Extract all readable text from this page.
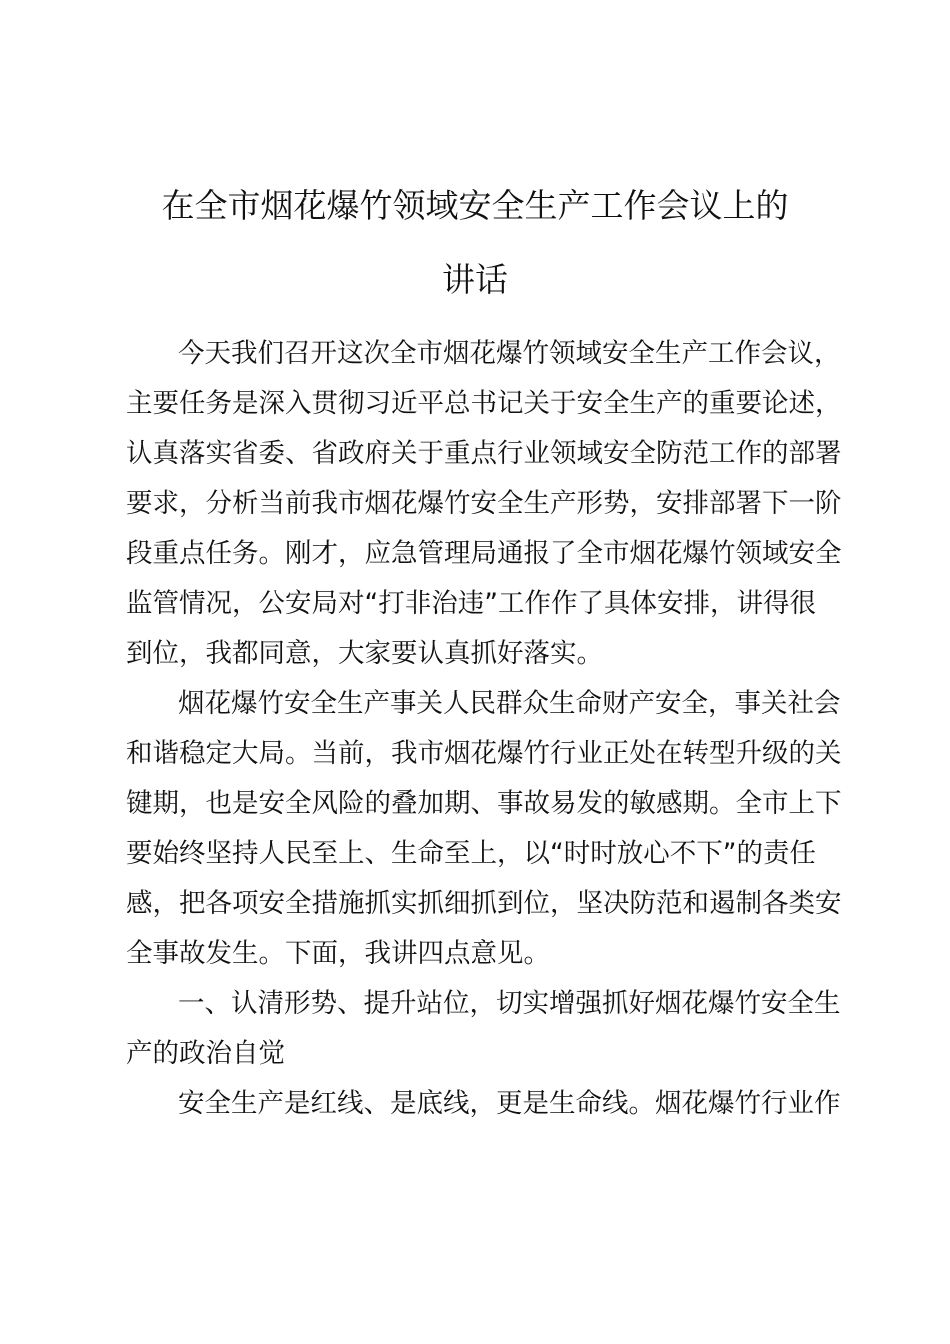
在全市烟花爆竹领域安全生产工作会议上的
讲话
今天我们召开这次全市烟花爆竹领域安全生产工作会议，
主要任务是深入贯彻习近平总书记关于安全生产的重要论述，
认真落实省委、省政府关于重点行业领域安全防范工作的部署
要求，分析当前我市烟花爆竹安全生产形势，安排部署下一阶
段重点任务。刚才，应急管理局通报了全市烟花爆竹领域安全
监管情况，公安局对“打非治违”工作作了具体安排，讲得很
到位，我都同意，大家要认真抓好落实。
烟花爆竹安全生产事关人民群众生命财产安全，事关社会
和谐稳定大局。当前，我市烟花爆竹行业正处在转型升级的关
键期，也是安全风险的叠加期、事故易发的敏感期。全市上下
要始终坚持人民至上、生命至上，以“时时放心不下”的责任
感，把各项安全措施抓实抓细抓到位，坚决防范和遏制各类安
全事故发生。下面，我讲四点意见。
一、认清形势、提升站位，切实增强抓好烟花爆竹安全生
产的政治自觉
安全生产是红线、是底线，更是生命线。烟花爆竹行业作
